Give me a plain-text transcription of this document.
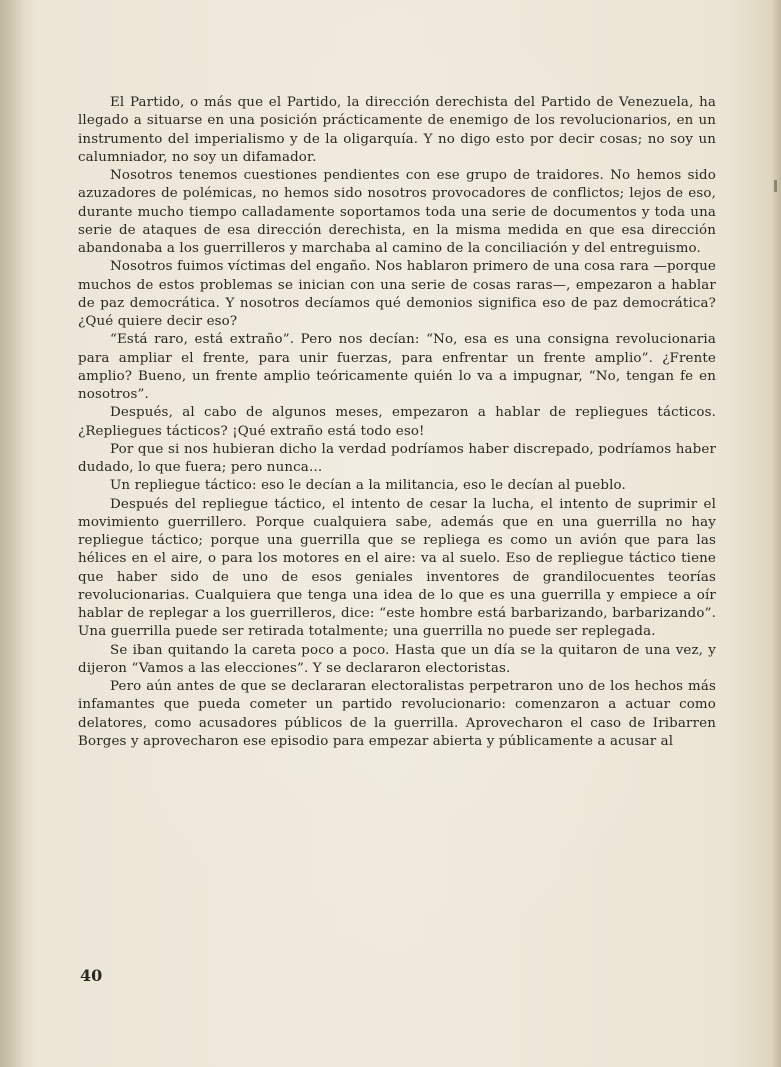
El Partido, o más que el Partido, la dirección derechista del Partido de Venezuela, ha llegado a situarse en una posición prácticamente de enemigo de los revolucionarios, en un instrumento del imperialismo y de la oligarquía. Y no digo esto por decir cosas; no soy un calumniador, no soy un difamador.

Nosotros tenemos cuestiones pendientes con ese grupo de traidores. No hemos sido azuzadores de polémicas, no hemos sido nosotros provocadores de conflictos; lejos de eso, durante mucho tiempo calladamente soportamos toda una serie de documentos y toda una serie de ataques de esa dirección derechista, en la misma medida en que esa dirección abandonaba a los guerrilleros y marchaba al camino de la conciliación y del entreguismo.

Nosotros fuimos víctimas del engaño. Nos hablaron primero de una cosa rara —porque muchos de estos problemas se inician con una serie de cosas raras—, empezaron a hablar de paz democrática. Y nosotros decíamos qué demonios significa eso de paz democrática? ¿Qué quiere decir eso?

“Está raro, está extraño”. Pero nos decían: “No, esa es una consigna revolucionaria para ampliar el frente, para unir fuerzas, para enfrentar un frente amplio”. ¿Frente amplio? Bueno, un frente amplio teóricamente quién lo va a impugnar, “No, tengan fe en nosotros”.

Después, al cabo de algunos meses, empezaron a hablar de repliegues tácticos. ¿Repliegues tácticos? ¡Qué extraño está todo eso!

Por que si nos hubieran dicho la verdad podríamos haber discrepado, podríamos haber dudado, lo que fuera; pero nunca…

Un repliegue táctico: eso le decían a la militancia, eso le decían al pueblo.

Después del repliegue táctico, el intento de cesar la lucha, el intento de suprimir el movimiento guerrillero. Porque cualquiera sabe, además que en una guerrilla no hay repliegue táctico; porque una guerrilla que se repliega es como un avión que para las hélices en el aire, o para los motores en el aire: va al suelo. Eso de repliegue táctico tiene que haber sido de uno de esos geniales inventores de grandilocuentes teorías revolucionarias. Cualquiera que tenga una idea de lo que es una guerrilla y empiece a oír hablar de replegar a los guerrilleros, dice: “este hombre está barbarizando, barbarizando”. Una guerrilla puede ser retirada totalmente; una guerrilla no puede ser replegada.

Se iban quitando la careta poco a poco. Hasta que un día se la quitaron de una vez, y dijeron “Vamos a las elecciones”. Y se declararon electoristas.

Pero aún antes de que se declararan electoralistas perpetraron uno de los hechos más infamantes que pueda cometer un partido revolucionario: comenzaron a actuar como delatores, como acusadores públicos de la guerrilla. Aprovecharon el caso de Iribarren Borges y aprovecharon ese episodio para empezar abierta y públicamente a acusar al

40
